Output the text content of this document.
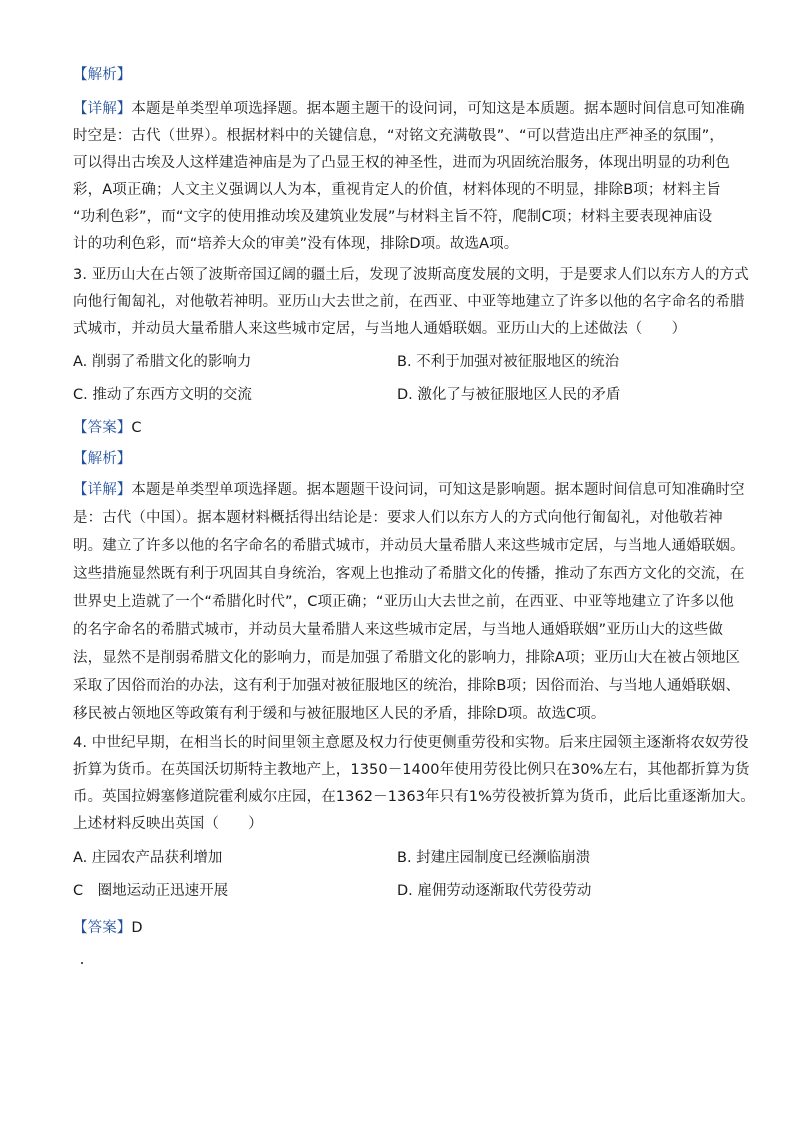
【解析】
【详解】本题是单类型单项选择题。据本题主题干的设问词，可知这是本质题。据本题时间信息可知准确
时空是：古代（世界）。根据材料中的关键信息，“对铭文充满敬畏”、“可以营造出庄严神圣的氛围”，
可以得出古埃及人这样建造神庙是为了凸显王权的神圣性，进而为巩固统治服务，体现出明显的功利色
彩，A项正确；人文主义强调以人为本，重视肯定人的价值，材料体现的不明显，排除B项；材料主旨
“功利色彩”，而“文字的使用推动埃及建筑业发展”与材料主旨不符，爬制C项；材料主要表现神庙设
计的功利色彩，而“培养大众的审美”没有体现，排除D项。故选A项。
3. 亚历山大在占领了波斯帝国辽阔的疆土后，发现了波斯高度发展的文明，于是要求人们以东方人的方式
向他行匍匐礼，对他敬若神明。亚历山大去世之前，在西亚、中亚等地建立了许多以他的名字命名的希腊
式城市，并动员大量希腊人来这些城市定居，与当地人通婚联姻。亚历山大的上述做法（　　）
A. 削弱了希腊文化的影响力	B. 不利于加强对被征服地区的统治
C. 推动了东西方文明的交流	D. 激化了与被征服地区人民的矛盾
【答案】C
【解析】
【详解】本题是单类型单项选择题。据本题题干设问词，可知这是影响题。据本题时间信息可知准确时空
是：古代（中国）。据本题材料概括得出结论是：要求人们以东方人的方式向他行匍匐礼，对他敬若神
明。建立了许多以他的名字命名的希腊式城市，并动员大量希腊人来这些城市定居，与当地人通婚联姻。
这些措施显然既有利于巩固其自身统治，客观上也推动了希腊文化的传播，推动了东西方文化的交流，在
世界史上造就了一个“希腊化时代”，C项正确；“亚历山大去世之前，在西亚、中亚等地建立了许多以他
的名字命名的希腊式城市，并动员大量希腊人来这些城市定居，与当地人通婚联姻”亚历山大的这些做
法，显然不是削弱希腊文化的影响力，而是加强了希腊文化的影响力，排除A项；亚历山大在被占领地区
采取了因俗而治的办法，这有利于加强对被征服地区的统治，排除B项；因俗而治、与当地人通婚联姻、
移民被占领地区等政策有利于缓和与被征服地区人民的矛盾，排除D项。故选C项。
4. 中世纪早期，在相当长的时间里领主意愿及权力行使更侧重劳役和实物。后来庄园领主逐渐将农奴劳役
折算为货币。在英国沃切斯特主教地产上，1350－1400年使用劳役比例只在30%左右，其他都折算为货
币。英国拉姆塞修道院霍利威尔庄园，在1362－1363年只有1%劳役被折算为货币，此后比重逐渐加大。
上述材料反映出英国（　　）
A. 庄园农产品获利增加	B. 封建庄园制度已经濒临崩溃
C　圈地运动正迅速开展	D. 雇佣劳动逐渐取代劳役劳动
【答案】D
